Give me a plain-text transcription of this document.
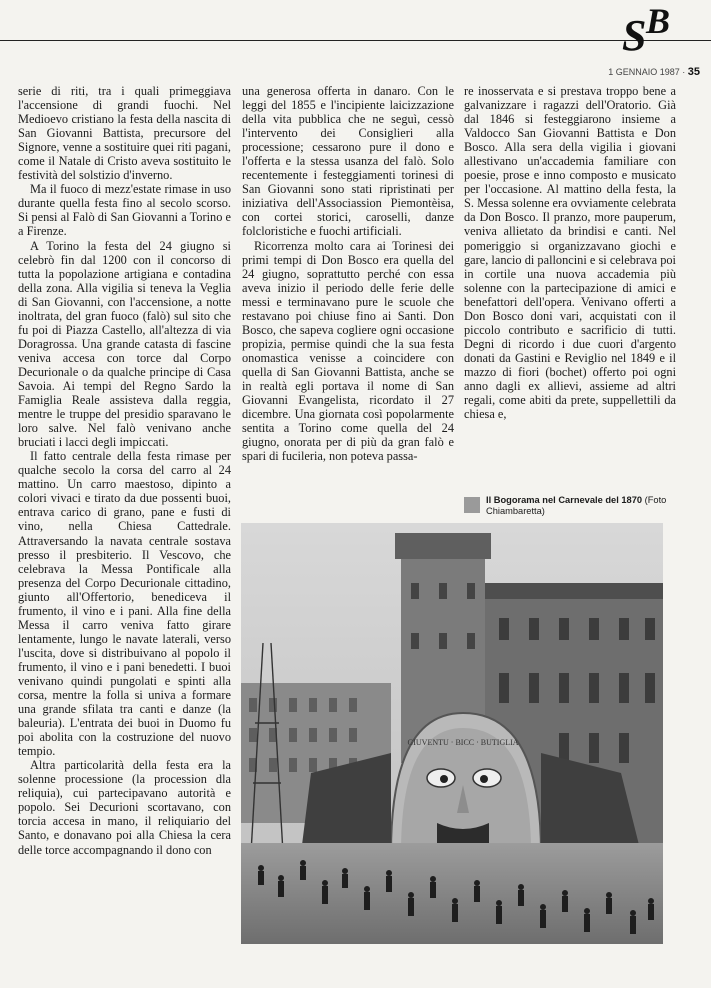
S B
1 GENNAIO 1987 · 35

serie di riti, tra i quali primeggiava l'accensione di grandi fuochi. Nel Medioevo cristiano la festa della nascita di San Giovanni Battista, precursore del Signore, venne a sostituire quei riti pagani, come il Natale di Cristo aveva sostituito le festività del solstizio d'inverno.

Ma il fuoco di mezz'estate rimase in uso durante quella festa fino al secolo scorso. Si pensi al Falò di San Giovanni a Torino e a Firenze.

A Torino la festa del 24 giugno si celebrò fin dal 1200 con il concorso di tutta la popolazione artigiana e contadina della zona. Alla vigilia si teneva la Veglia di San Giovanni, con l'accensione, a notte inoltrata, del gran fuoco (falò) sul sito che fu poi di Piazza Castello, all'altezza di via Doragrossa. Una grande catasta di fascine veniva accesa con torce dal Corpo Decurionale o da qualche principe di Casa Savoia. Ai tempi del Regno Sardo la Famiglia Reale assisteva dalla reggia, mentre le truppe del presidio sparavano le loro salve. Nel falò venivano anche bruciati i lacci degli impiccati.

Il fatto centrale della festa rimase per qualche secolo la corsa del carro al 24 mattino. Un carro maestoso, dipinto a colori vivaci e tirato da due possenti buoi, entrava carico di grano, pane e fusti di vino, nella Chiesa Cattedrale. Attraversando la navata centrale sostava presso il presbiterio. Il Vescovo, che celebrava la Messa Pontificale alla presenza del Corpo Decurionale cittadino, giunto all'Offertorio, benediceva il frumento, il vino e i pani. Alla fine della Messa il carro veniva fatto girare lentamente, lungo le navate laterali, verso l'uscita, dove si distribuivano al popolo il frumento, il vino e i pani benedetti. I buoi venivano quindi pungolati e spinti alla corsa, mentre la folla si univa a formare una grande sfilata tra canti e danze (la baleuria). L'entrata dei buoi in Duomo fu poi abolita con la costruzione del nuovo tempio.

Altra particolarità della festa era la solenne processione (la procession dla reliquia), cui partecipavano autorità e popolo. Sei Decurioni scortavano, con torcia accesa in mano, il reliquiario del Santo, e donavano poi alla Chiesa la cera delle torce accompagnando il dono con

una generosa offerta in danaro. Con le leggi del 1855 e l'incipiente laicizzazione della vita pubblica che ne seguì, cessò l'intervento dei Consiglieri alla processione; cessarono pure il dono e l'offerta e la stessa usanza del falò. Solo recentemente i festeggiamenti torinesi di San Giovanni sono stati ripristinati per iniziativa dell'Associassion Piemontèisa, con cortei storici, caroselli, danze folcloristiche e fuochi artificiali.

Ricorrenza molto cara ai Torinesi dei primi tempi di Don Bosco era quella del 24 giugno, soprattutto perché con essa aveva inizio il periodo delle ferie delle messi e terminavano pure le scuole che restavano poi chiuse fino ai Santi. Don Bosco, che sapeva cogliere ogni occasione propizia, permise quindi che la sua festa onomastica venisse a coincidere con quella di San Giovanni Battista, anche se in realtà egli portava il nome di San Giovanni Evangelista, ricordato il 27 dicembre. Una giornata così popolarmente sentita a Torino come quella del 24 giugno, onorata per di più da gran falò e spari di fucileria, non poteva passa-

re inosservata e si prestava troppo bene a galvanizzare i ragazzi dell'Oratorio. Già dal 1846 si festeggiarono insieme a Valdocco San Giovanni Battista e Don Bosco. Alla sera della vigilia i giovani allestivano un'accademia familiare con poesie, prose e inno composto e musicato per l'occasione. Al mattino della festa, la S. Messa solenne era ovviamente celebrata da Don Bosco. Il pranzo, more pauperum, veniva allietato da brindisi e canti. Nel pomeriggio si organizzavano giochi e gare, lancio di palloncini e si celebrava poi in cortile una nuova accademia più solenne con la partecipazione di amici e benefattori dell'opera. Venivano offerti a Don Bosco doni vari, acquistati con il piccolo contributo e sacrificio di tutti. Degni di ricordo i due cuori d'argento donati da Gastini e Reviglio nel 1849 e il mazzo di fiori (bochet) offerto poi ogni anno dagli ex allievi, assieme ad altri regali, come abiti da prete, suppellettili da chiesa e,

Il Bogorama nel Carnevale del 1870 (Foto Chiambaretta)
GIUVENTU · BICC · BUTIGLIA
